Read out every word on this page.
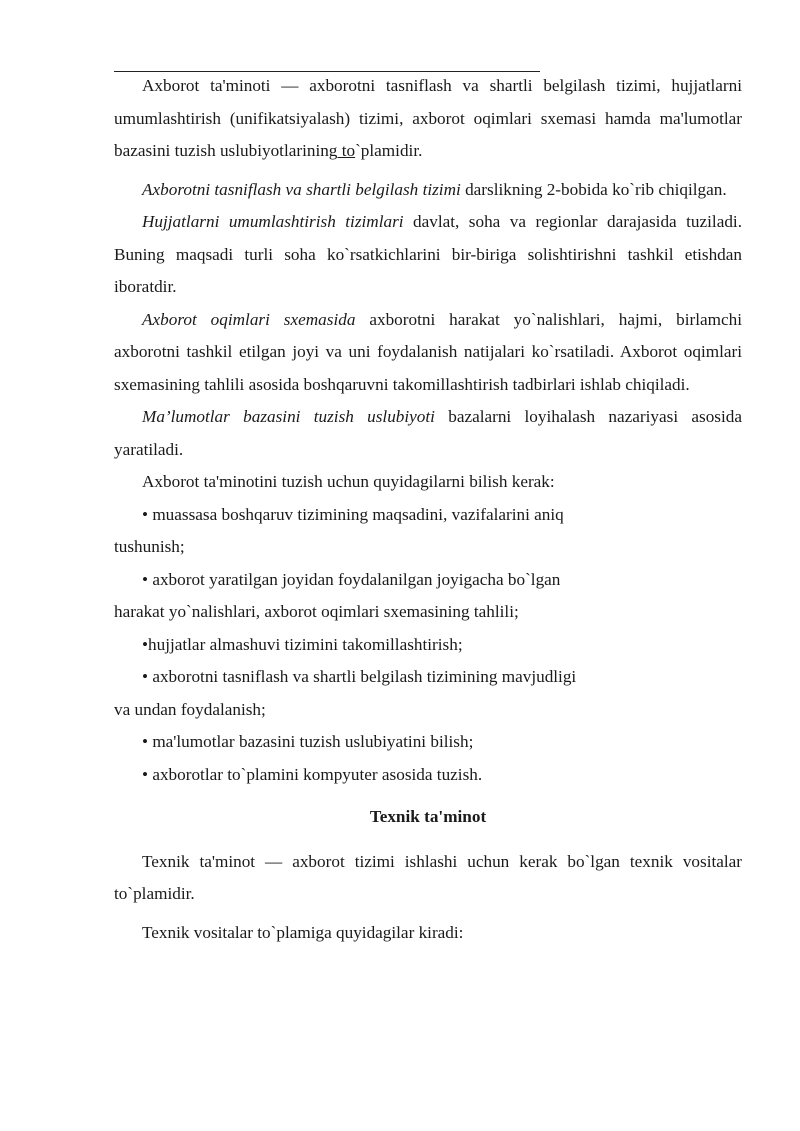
Axborot ta'minoti — axborotni tasniflash va shartli belgilash tizimi, hujjatlarni umumlashtirish (unifikatsiyalash) tizimi, axborot oqimlari sxemasi hamda ma'lumotlar bazasini tuzish uslubiyotlarining to`plamidir.

Axborotni tasniflash va shartli belgilash tizimi darslikning 2-bobida ko`rib chiqilgan.

Hujjatlarni umumlashtirish tizimlari davlat, soha va regionlar darajasida tuziladi. Buning maqsadi turli soha ko`rsatkichlarini bir-biriga solishtirishni tashkil etishdan iboratdir.

Axborot oqimlari sxemasida axborotni harakat yo`nalishlari, hajmi, birlamchi axborotni tashkil etilgan joyi va uni foydalanish natijalari ko`rsatiladi. Axborot oqimlari sxemasining tahlili asosida boshqaruvni takomillashtirish tadbirlari ishlab chiqiladi.

Ma’lumotlar bazasini tuzish uslubiyoti bazalarni loyihalash nazariyasi asosida yaratiladi.

Axborot ta'minotini tuzish uchun quyidagilarni bilish kerak:

• muassasa boshqaruv tizimining maqsadini, vazifalarini aniq

tushunish;

• axborot yaratilgan joyidan foydalanilgan joyigacha bo`lgan

harakat yo`nalishlari, axborot oqimlari sxemasining tahlili;

•hujjatlar almashuvi tizimini takomillashtirish;

• axborotni tasniflash va shartli belgilash tizimining mavjudligi

va undan foydalanish;

• ma'lumotlar bazasini tuzish uslubiyatini bilish;

• axborotlar to`plamini kompyuter asosida tuzish.

Texnik ta'minot

Texnik ta'minot — axborot tizimi ishlashi uchun kerak bo`lgan texnik vositalar to`plamidir.

Texnik vositalar to`plamiga quyidagilar kiradi:
